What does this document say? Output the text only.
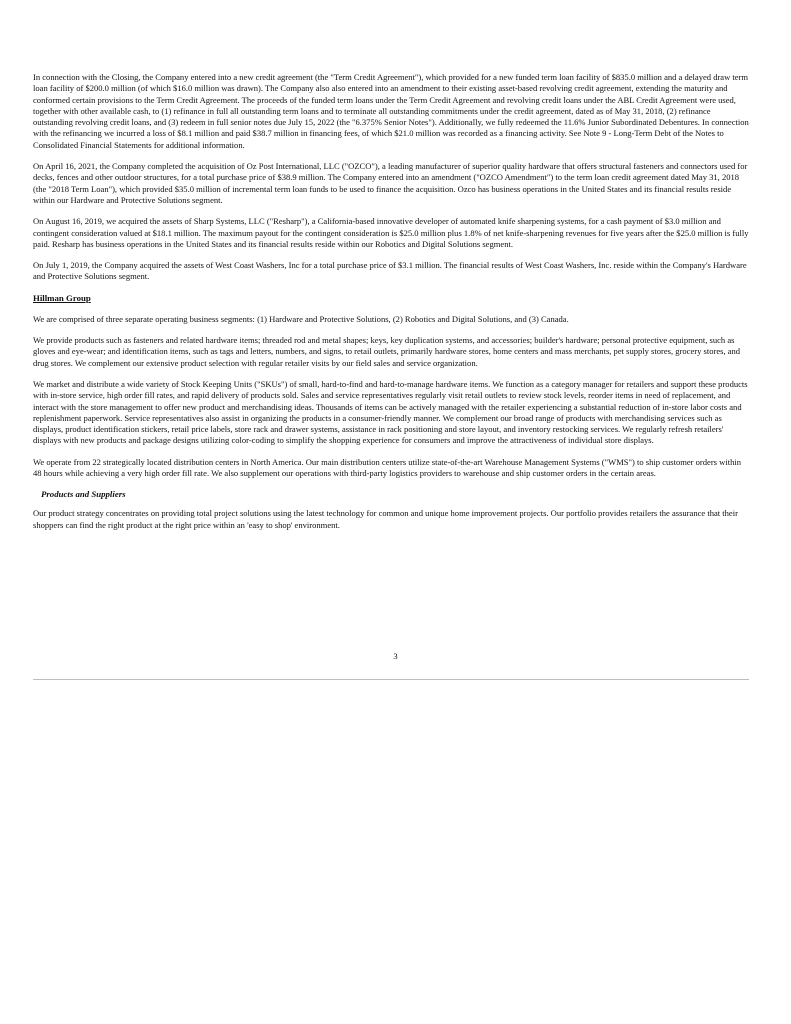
In connection with the Closing, the Company entered into a new credit agreement (the "Term Credit Agreement"), which provided for a new funded term loan facility of $835.0 million and a delayed draw term loan facility of $200.0 million (of which $16.0 million was drawn). The Company also also entered into an amendment to their existing asset-based revolving credit agreement, extending the maturity and conformed certain provisions to the Term Credit Agreement. The proceeds of the funded term loans under the Term Credit Agreement and revolving credit loans under the ABL Credit Agreement were used, together with other available cash, to (1) refinance in full all outstanding term loans and to terminate all outstanding commitments under the credit agreement, dated as of May 31, 2018, (2) refinance outstanding revolving credit loans, and (3) redeem in full senior notes due July 15, 2022 (the "6.375% Senior Notes"). Additionally, we fully redeemed the 11.6% Junior Subordinated Debentures. In connection with the refinancing we incurred a loss of $8.1 million and paid $38.7 million in financing fees, of which $21.0 million was recorded as a financing activity. See Note 9 - Long-Term Debt of the Notes to Consolidated Financial Statements for additional information.

On April 16, 2021, the Company completed the acquisition of Oz Post International, LLC ("OZCO"), a leading manufacturer of superior quality hardware that offers structural fasteners and connectors used for decks, fences and other outdoor structures, for a total purchase price of $38.9 million. The Company entered into an amendment ("OZCO Amendment") to the term loan credit agreement dated May 31, 2018 (the "2018 Term Loan"), which provided $35.0 million of incremental term loan funds to be used to finance the acquisition. Ozco has business operations in the United States and its financial results reside within our Hardware and Protective Solutions segment.

On August 16, 2019, we acquired the assets of Sharp Systems, LLC ("Resharp"), a California-based innovative developer of automated knife sharpening systems, for a cash payment of $3.0 million and contingent consideration valued at $18.1 million. The maximum payout for the contingent consideration is $25.0 million plus 1.8% of net knife-sharpening revenues for five years after the $25.0 million is fully paid. Resharp has business operations in the United States and its financial results reside within our Robotics and Digital Solutions segment.

On July 1, 2019, the Company acquired the assets of West Coast Washers, Inc for a total purchase price of $3.1 million. The financial results of West Coast Washers, Inc. reside within the Company's Hardware and Protective Solutions segment.

Hillman Group

We are comprised of three separate operating business segments: (1) Hardware and Protective Solutions, (2) Robotics and Digital Solutions, and (3) Canada.

We provide products such as fasteners and related hardware items; threaded rod and metal shapes; keys, key duplication systems, and accessories; builder's hardware; personal protective equipment, such as gloves and eye-wear; and identification items, such as tags and letters, numbers, and signs, to retail outlets, primarily hardware stores, home centers and mass merchants, pet supply stores, grocery stores, and drug stores. We complement our extensive product selection with regular retailer visits by our field sales and service organization.

We market and distribute a wide variety of Stock Keeping Units ("SKUs") of small, hard-to-find and hard-to-manage hardware items. We function as a category manager for retailers and support these products with in-store service, high order fill rates, and rapid delivery of products sold. Sales and service representatives regularly visit retail outlets to review stock levels, reorder items in need of replacement, and interact with the store management to offer new product and merchandising ideas. Thousands of items can be actively managed with the retailer experiencing a substantial reduction of in-store labor costs and replenishment paperwork. Service representatives also assist in organizing the products in a consumer-friendly manner. We complement our broad range of products with merchandising services such as displays, product identification stickers, retail price labels, store rack and drawer systems, assistance in rack positioning and store layout, and inventory restocking services. We regularly refresh retailers' displays with new products and package designs utilizing color-coding to simplify the shopping experience for consumers and improve the attractiveness of individual store displays.

We operate from 22 strategically located distribution centers in North America. Our main distribution centers utilize state-of-the-art Warehouse Management Systems ("WMS") to ship customer orders within 48 hours while achieving a very high order fill rate. We also supplement our operations with third-party logistics providers to warehouse and ship customer orders in the certain areas.

Products and Suppliers

Our product strategy concentrates on providing total project solutions using the latest technology for common and unique home improvement projects. Our portfolio provides retailers the assurance that their shoppers can find the right product at the right price within an 'easy to shop' environment.

3
